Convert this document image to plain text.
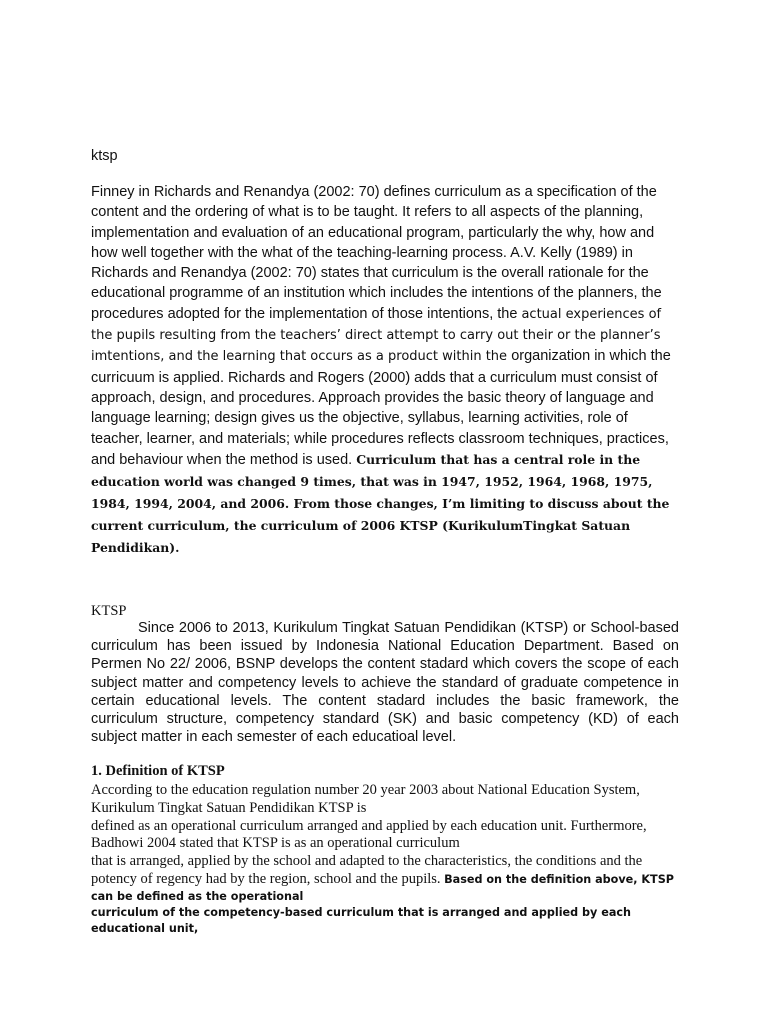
ktsp
Finney in Richards and Renandya (2002: 70) defines curriculum as a specification of the content and the ordering of what is to be taught. It refers to all aspects of the planning, implementation and evaluation of an educational program, particularly the why, how and how well together with the what of the teaching-learning process. A.V. Kelly (1989) in Richards and Renandya (2002: 70) states that curriculum is the overall rationale for the educational programme of an institution which includes the intentions of the planners, the procedures adopted for the implementation of those intentions, the actual experiences of the pupils resulting from the teachers’ direct attempt to carry out their or the planner’s imtentions, and the learning that occurs as a product within the organization in which the curricuum is applied. Richards and Rogers (2000) adds that a curriculum must consist of approach, design, and procedures. Approach provides the basic theory of language and language learning; design gives us the objective, syllabus, learning activities, role of teacher, learner, and materials; while procedures reflects classroom techniques, practices, and behaviour when the method is used. Curriculum that has a central role in the education world was changed 9 times, that was in 1947, 1952, 1964, 1968, 1975, 1984, 1994, 2004, and 2006. From those changes, I’m limiting to discuss about the current curriculum, the curriculum of 2006 KTSP (KurikulumTingkat Satuan Pendidikan).
KTSP
Since 2006 to 2013, Kurikulum Tingkat Satuan Pendidikan (KTSP) or School-based curriculum has been issued by Indonesia National Education Department. Based on Permen No 22/ 2006, BSNP develops the content stadard which covers the scope of each subject matter and competency levels to achieve the standard of graduate competence in certain educational levels. The content stadard includes the basic framework, the curriculum structure, competency standard (SK) and basic competency (KD) of each subject matter in each semester of each educatioal level.
1. Definition of KTSP
According to the education regulation number 20 year 2003 about National Education System,
Kurikulum Tingkat Satuan Pendidikan KTSP is
defined as an operational curriculum arranged and applied by each education unit. Furthermore,
Badhowi 2004 stated that KTSP is as an operational curriculum
that is arranged, applied by the school and adapted to the characteristics, the conditions and the
potency of regency had by the region, school and the pupils. Based on the definition above, KTSP
can be defined as the operational
curriculum of the competency-based curriculum that is arranged and applied by each educational unit,
